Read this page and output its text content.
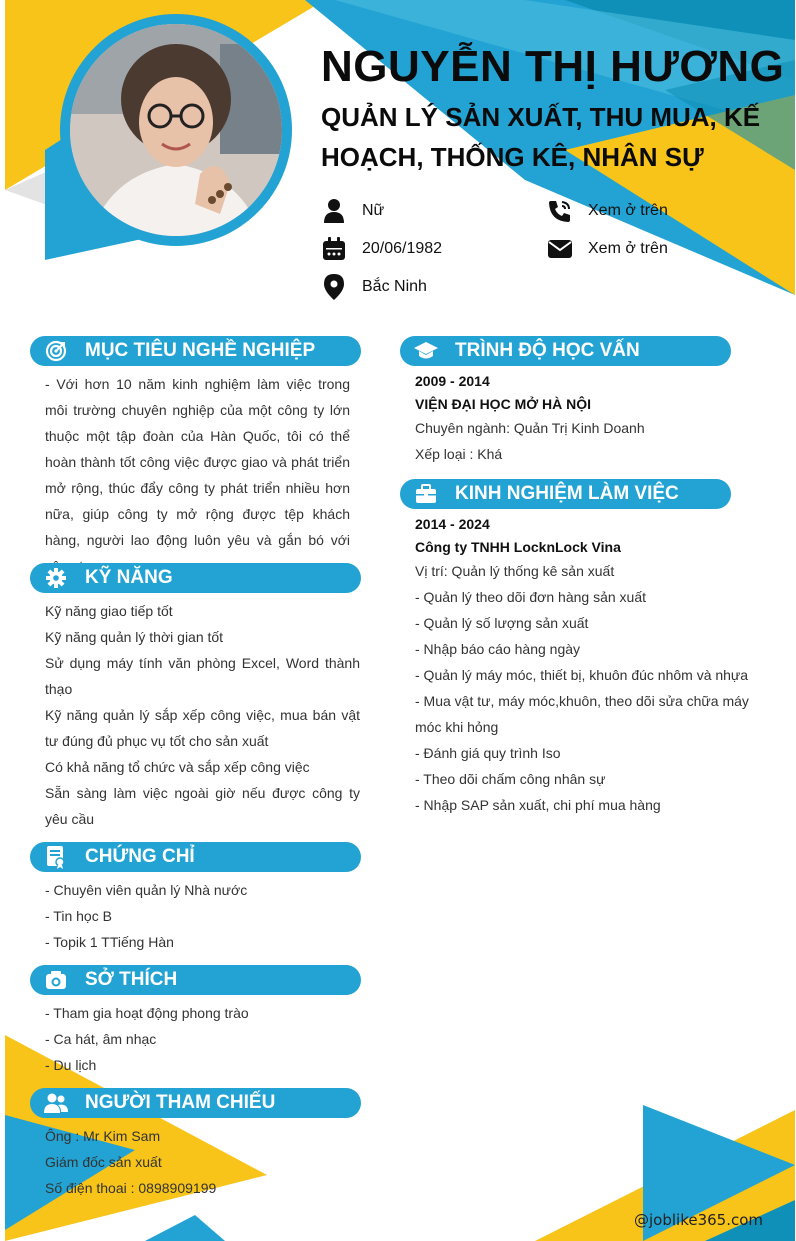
NGUYỄN THỊ HƯƠNG
QUẢN LÝ SẢN XUẤT, THU MUA, KẾ HOẠCH, THỐNG KÊ, NHÂN SỰ
Nữ
20/06/1982
Bắc Ninh
Xem ở trên
Xem ở trên
MỤC TIÊU NGHỀ NGHIỆP
- Với hơn 10 năm kinh nghiệm làm việc trong môi trường chuyên nghiệp của một công ty lớn thuộc một tập đoàn của Hàn Quốc, tôi có thể hoàn thành tốt công việc được giao và phát triển mở rộng, thúc đẩy công ty phát triển nhiều hơn nữa, giúp công ty mở rộng được tệp khách hàng, người lao động luôn yêu và gắn bó với
KỸ NĂNG
Kỹ năng giao tiếp tốt
Kỹ năng quản lý thời gian tốt
Sử dụng máy tính văn phòng Excel, Word thành thạo
Kỹ năng quản lý sắp xếp công việc, mua bán vật tư đúng đủ phục vụ tốt cho sản xuất
Có khả năng tổ chức và sắp xếp công việc
Sẵn sàng làm việc ngoài giờ nếu được công ty yêu cầu
CHỨNG CHỈ
- Chuyên viên quản lý Nhà nước
- Tin học B
- Topik 1 TTiếng Hàn
SỞ THÍCH
- Tham gia hoạt động phong trào
- Ca hát, âm nhạc
- Du lịch
NGƯỜI THAM CHIẾU
Ông : Mr Kim Sam
Giám đốc sản xuất
Số điện thoai : 0898909199
TRÌNH ĐỘ HỌC VẤN
2009 - 2014
VIỆN ĐẠI HỌC MỞ HÀ NỘI
Chuyên ngành: Quản Trị Kinh Doanh
Xếp loại : Khá
KINH NGHIỆM LÀM VIỆC
2014 - 2024
Công ty TNHH LocknLock Vina
Vị trí: Quản lý thống kê sản xuất
- Quản lý theo dõi đơn hàng sản xuất
- Quản lý số lượng sản xuất
- Nhập báo cáo hàng ngày
- Quản lý máy móc, thiết bị, khuôn đúc nhôm và nhựa
- Mua vật tư, máy móc,khuôn, theo dõi sửa chữa máy móc khi hỏng
- Đánh giá quy trình Iso
- Theo dõi chấm công nhân sự
- Nhập SAP sản xuất, chi phí mua hàng
@joblike365.com
